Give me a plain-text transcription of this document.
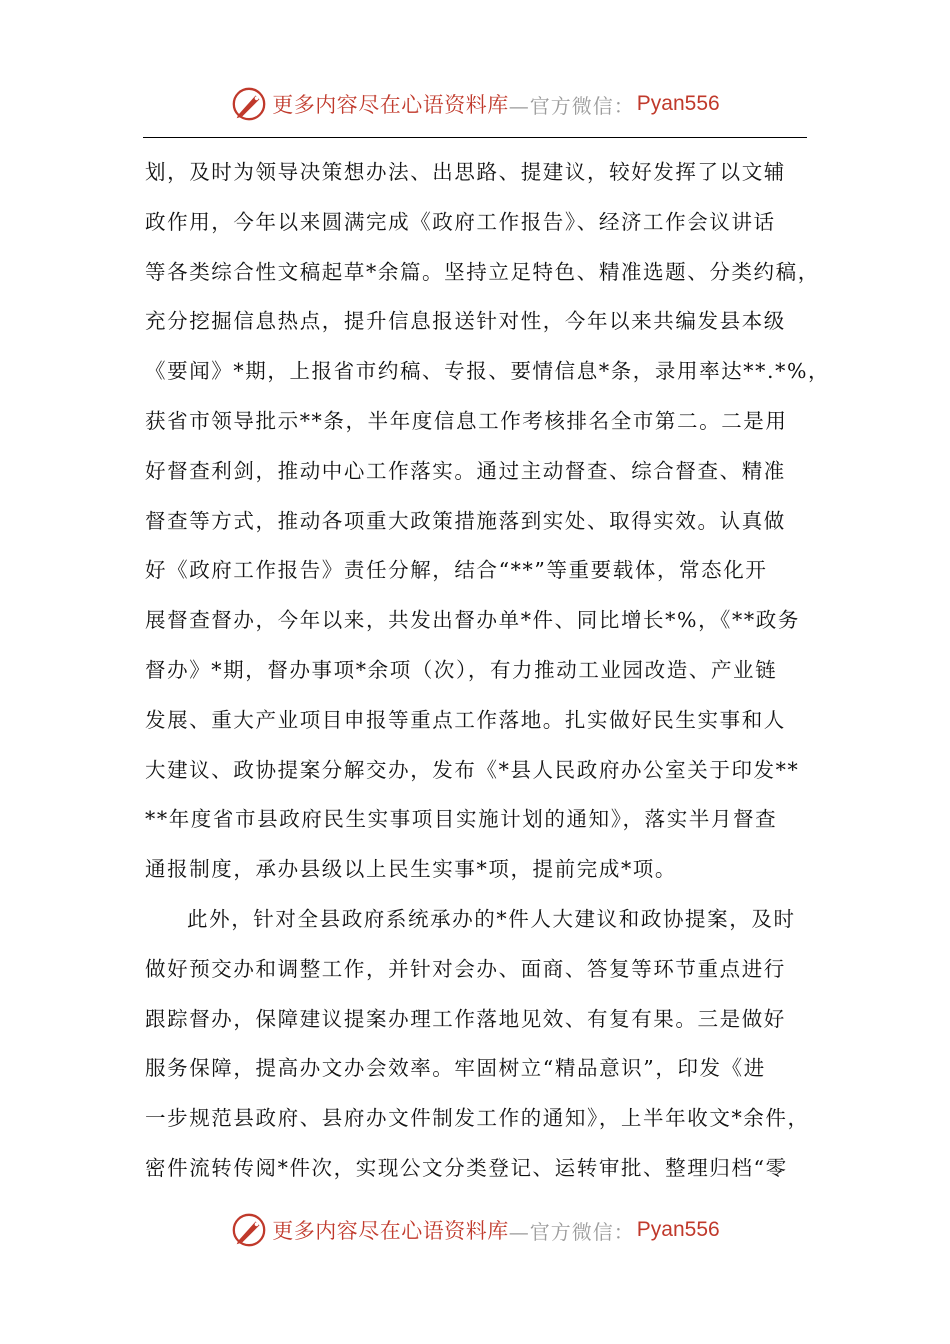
更多内容尽在心语资料库 —官方微信： Pyan556
划，及时为领导决策想办法、出思路、提建议，较好发挥了以文辅
政作用，今年以来圆满完成《政府工作报告》、经济工作会议讲话
等各类综合性文稿起草*余篇。坚持立足特色、精准选题、分类约稿，
充分挖掘信息热点，提升信息报送针对性，今年以来共编发县本级
《要闻》*期，上报省市约稿、专报、要情信息*条，录用率达**.*%，
获省市领导批示**条，半年度信息工作考核排名全市第二。二是用
好督查利剑，推动中心工作落实。通过主动督查、综合督查、精准
督查等方式，推动各项重大政策措施落到实处、取得实效。认真做
好《政府工作报告》责任分解，结合“**”等重要载体，常态化开
展督查督办，今年以来，共发出督办单*件、同比增长*%，《**政务
督办》*期，督办事项*余项（次），有力推动工业园改造、产业链
发展、重大产业项目申报等重点工作落地。扎实做好民生实事和人
大建议、政协提案分解交办，发布《*县人民政府办公室关于印发**
**年度省市县政府民生实事项目实施计划的通知》，落实半月督查
通报制度，承办县级以上民生实事*项，提前完成*项。
此外，针对全县政府系统承办的*件人大建议和政协提案，及时
做好预交办和调整工作，并针对会办、面商、答复等环节重点进行
跟踪督办，保障建议提案办理工作落地见效、有复有果。三是做好
服务保障，提高办文办会效率。牢固树立“精品意识”，印发《进
一步规范县政府、县府办文件制发工作的通知》，上半年收文*余件，
密件流转传阅*件次，实现公文分类登记、运转审批、整理归档“零
更多内容尽在心语资料库 —官方微信： Pyan556
